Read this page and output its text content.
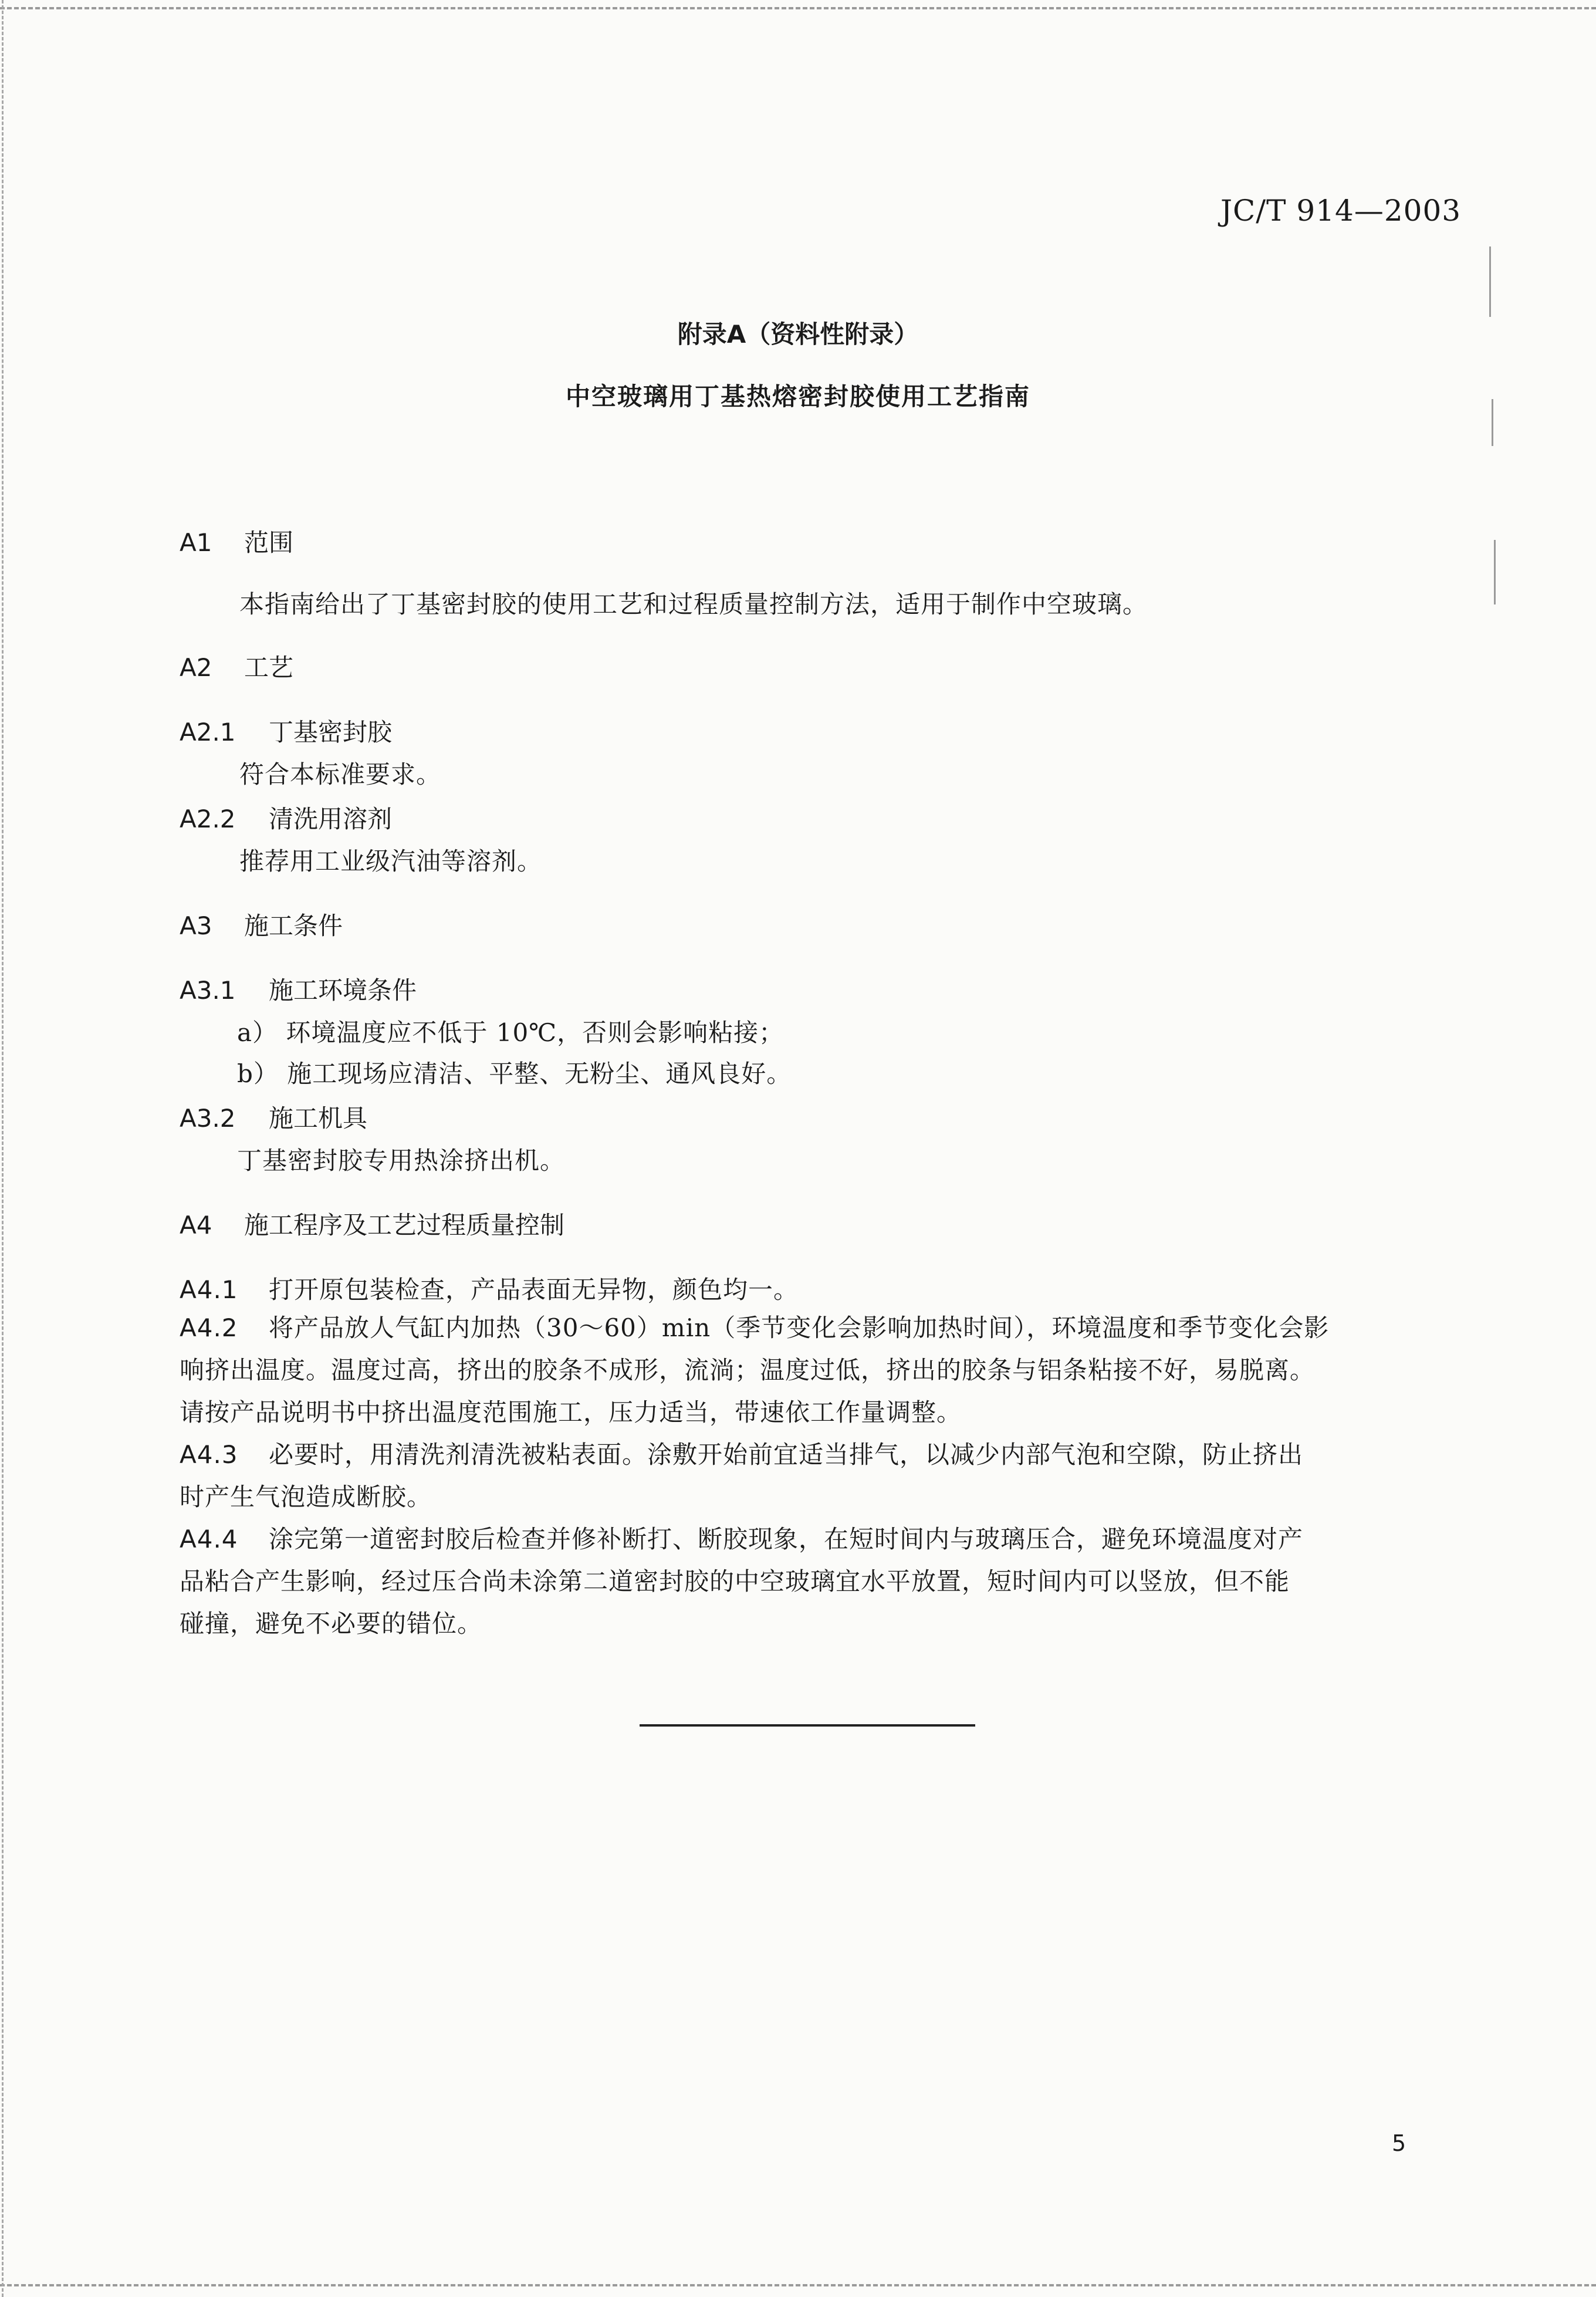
JC/T 914—2003
附录A（资料性附录）
中空玻璃用丁基热熔密封胶使用工艺指南
A1 范围
本指南给出了丁基密封胶的使用工艺和过程质量控制方法，适用于制作中空玻璃。
A2 工艺
A2.1 丁基密封胶
符合本标准要求。
A2.2 清洗用溶剂
推荐用工业级汽油等溶剂。
A3 施工条件
A3.1 施工环境条件
a） 环境温度应不低于 10℃，否则会影响粘接；
b） 施工现场应清洁、平整、无粉尘、通风良好。
A3.2 施工机具
丁基密封胶专用热涂挤出机。
A4 施工程序及工艺过程质量控制
A4.1 打开原包装检查，产品表面无异物，颜色均一。
A4.2 将产品放人气缸内加热（30～60）min（季节变化会影响加热时间），环境温度和季节变化会影
响挤出温度。温度过高，挤出的胶条不成形，流淌；温度过低，挤出的胶条与铝条粘接不好，易脱离。
请按产品说明书中挤出温度范围施工，压力适当，带速依工作量调整。
A4.3 必要时，用清洗剂清洗被粘表面。涂敷开始前宜适当排气，以减少内部气泡和空隙，防止挤出
时产生气泡造成断胶。
A4.4 涂完第一道密封胶后检查并修补断打、断胶现象，在短时间内与玻璃压合，避免环境温度对产
品粘合产生影响，经过压合尚未涂第二道密封胶的中空玻璃宜水平放置，短时间内可以竖放，但不能
碰撞，避免不必要的错位。
5
